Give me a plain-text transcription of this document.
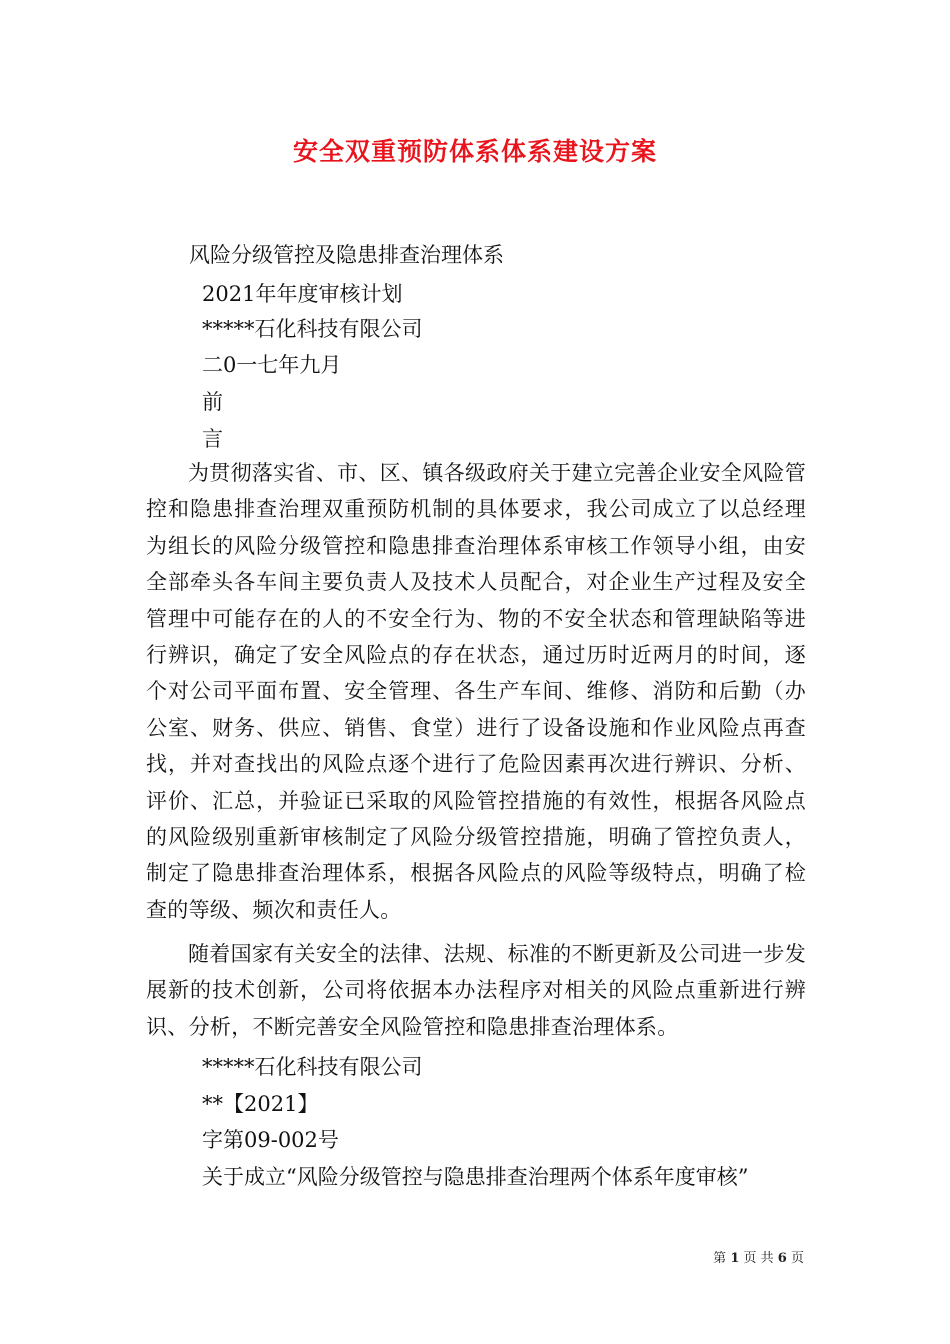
安全双重预防体系体系建设方案
风险分级管控及隐患排查治理体系
2021年年度审核计划
*****石化科技有限公司
二0一七年九月
前
言
为贯彻落实省、市、区、镇各级政府关于建立完善企业安全风险管控和隐患排查治理双重预防机制的具体要求，我公司成立了以总经理为组长的风险分级管控和隐患排查治理体系审核工作领导小组，由安全部牵头各车间主要负责人及技术人员配合，对企业生产过程及安全管理中可能存在的人的不安全行为、物的不安全状态和管理缺陷等进行辨识，确定了安全风险点的存在状态，通过历时近两月的时间，逐个对公司平面布置、安全管理、各生产车间、维修、消防和后勤（办公室、财务、供应、销售、食堂）进行了设备设施和作业风险点再查找，并对查找出的风险点逐个进行了危险因素再次进行辨识、分析、评价、汇总，并验证已采取的风险管控措施的有效性，根据各风险点的风险级别重新审核制定了风险分级管控措施，明确了管控负责人，制定了隐患排查治理体系，根据各风险点的风险等级特点，明确了检查的等级、频次和责任人。
随着国家有关安全的法律、法规、标准的不断更新及公司进一步发展新的技术创新，公司将依据本办法程序对相关的风险点重新进行辨识、分析，不断完善安全风险管控和隐患排查治理体系。
*****石化科技有限公司
**【2021】
字第09-002号
关于成立“风险分级管控与隐患排查治理两个体系年度审核”
第 1 页 共 6 页
